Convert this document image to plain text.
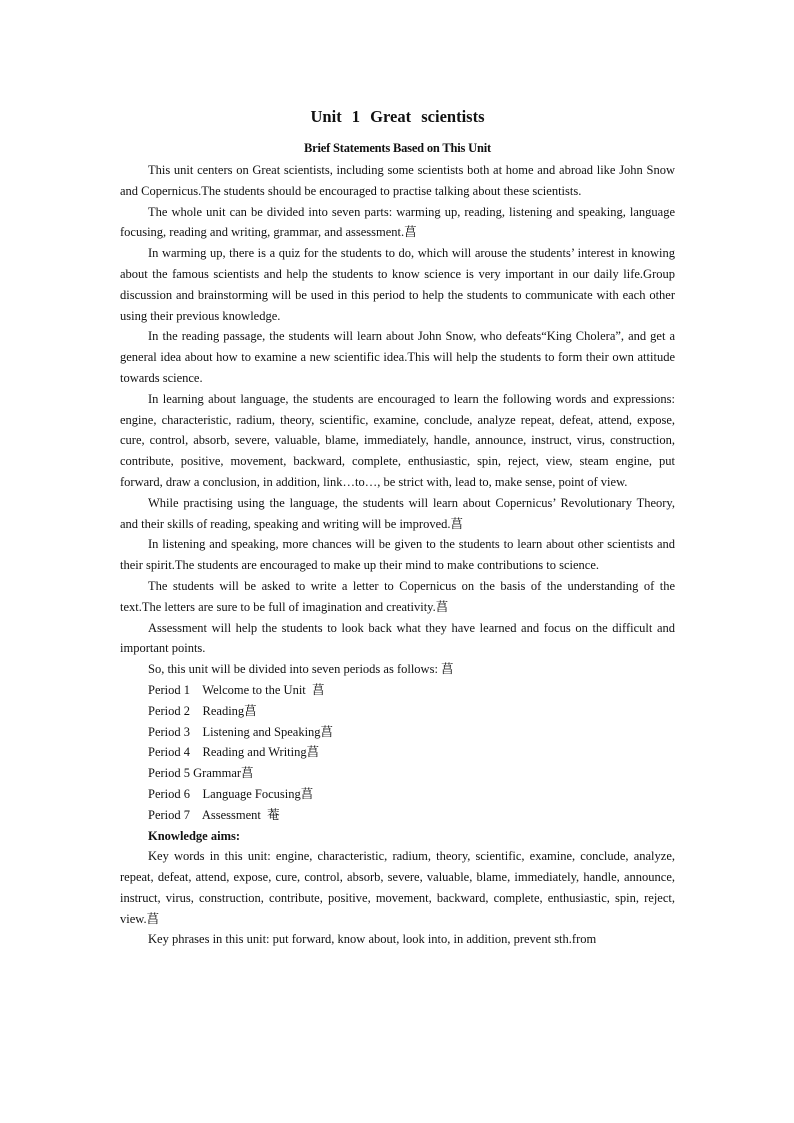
Unit 1 Great scientists
Brief Statements Based on This Unit

This unit centers on Great scientists, including some scientists both at home and abroad like John Snow and Copernicus.The students should be encouraged to practise talking about these scientists.

The whole unit can be divided into seven parts: warming up, reading, listening and speaking, language focusing, reading and writing, grammar, and assessment.菖

In warming up, there is a quiz for the students to do, which will arouse the students’ interest in knowing about the famous scientists and help the students to know science is very important in our daily life.Group discussion and brainstorming will be used in this period to help the students to communicate with each other using their previous knowledge.

In the reading passage, the students will learn about John Snow, who defeats“King Cholera”, and get a general idea about how to examine a new scientific idea.This will help the students to form their own attitude towards science.

In learning about language, the students are encouraged to learn the following words and expressions: engine, characteristic, radium, theory, scientific, examine, conclude, analyze repeat, defeat, attend, expose, cure, control, absorb, severe, valuable, blame, immediately, handle, announce, instruct, virus, construction, contribute, positive, movement, backward, complete, enthusiastic, spin, reject, view, steam engine, put forward, draw a conclusion, in addition, link…to…, be strict with, lead to, make sense, point of view.

While practising using the language, the students will learn about Copernicus’ Revolutionary Theory, and their skills of reading, speaking and writing will be improved.菖

In listening and speaking, more chances will be given to the students to learn about other scientists and their spirit.The students are encouraged to make up their mind to make contributions to science.

The students will be asked to write a letter to Copernicus on the basis of the understanding of the text.The letters are sure to be full of imagination and creativity.菖

Assessment will help the students to look back what they have learned and focus on the difficult and important points.

So, this unit will be divided into seven periods as follows: 菖

Period 1    Welcome to the Unit  菖

Period 2    Reading菖

Period 3    Listening and Speaking菖

Period 4    Reading and Writing菖

Period 5 Grammar菖

Period 6    Language Focusing菖

Period 7    Assessment  菴

Knowledge aims:

Key words in this unit: engine, characteristic, radium, theory, scientific, examine, conclude, analyze, repeat, defeat, attend, expose, cure, control, absorb, severe, valuable, blame, immediately, handle, announce, instruct, virus, construction, contribute, positive, movement, backward, complete, enthusiastic, spin, reject, view.菖

Key phrases in this unit: put forward, know about, look into, in addition, prevent sth.from
